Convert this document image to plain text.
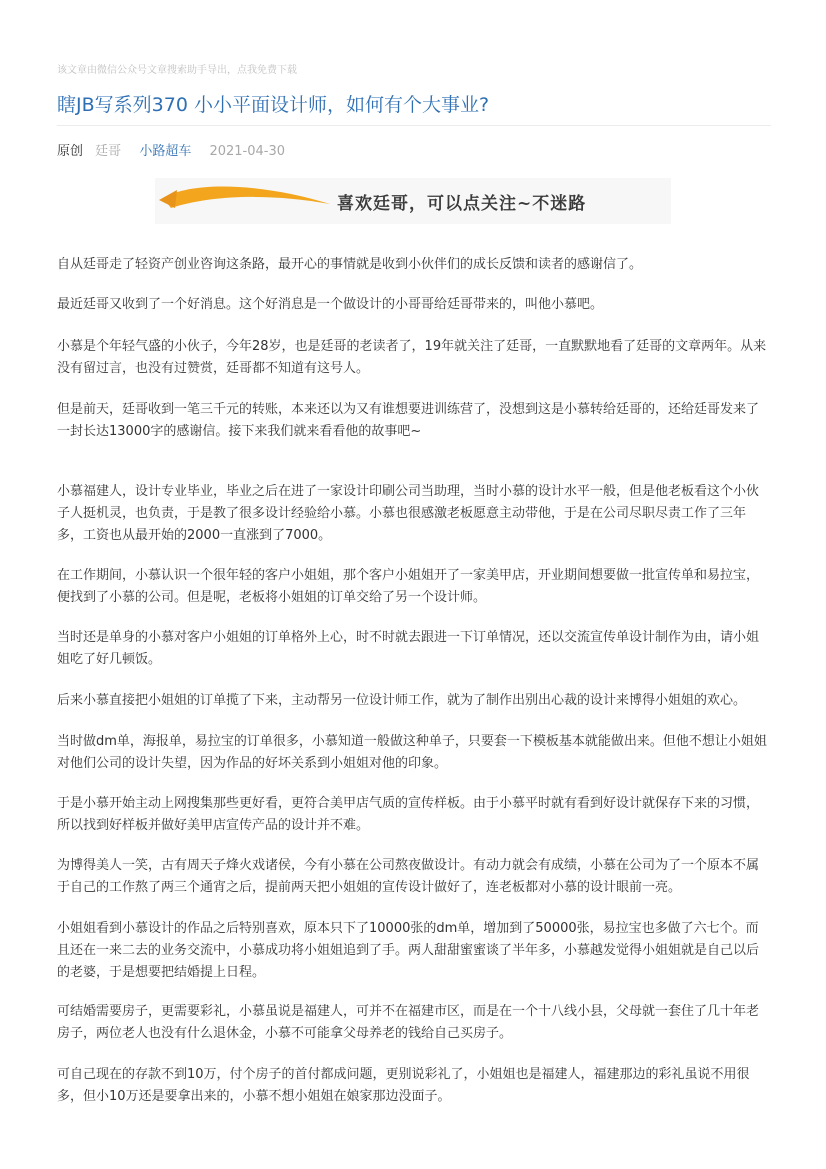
该文章由微信公众号文章搜索助手导出，点我免费下载
瞎JB写系列370 小小平面设计师，如何有个大事业?
原创 廷哥 小路超车 2021-04-30
喜欢廷哥，可以点关注~不迷路

自从廷哥走了轻资产创业咨询这条路，最开心的事情就是收到小伙伴们的成长反馈和读者的感谢信了。

最近廷哥又收到了一个好消息。这个好消息是一个做设计的小哥哥给廷哥带来的，叫他小慕吧。

小慕是个年轻气盛的小伙子，今年28岁，也是廷哥的老读者了，19年就关注了廷哥，一直默默地看了廷哥的文章两年。从来没有留过言，也没有过赞赏，廷哥都不知道有这号人。

但是前天，廷哥收到一笔三千元的转账，本来还以为又有谁想要进训练营了，没想到这是小慕转给廷哥的，还给廷哥发来了一封长达13000字的感谢信。接下来我们就来看看他的故事吧~

小慕福建人，设计专业毕业，毕业之后在进了一家设计印刷公司当助理，当时小慕的设计水平一般，但是他老板看这个小伙子人挺机灵，也负责，于是教了很多设计经验给小慕。小慕也很感激老板愿意主动带他，于是在公司尽职尽责工作了三年多，工资也从最开始的2000一直涨到了7000。

在工作期间，小慕认识一个很年轻的客户小姐姐，那个客户小姐姐开了一家美甲店，开业期间想要做一批宣传单和易拉宝，便找到了小慕的公司。但是呢，老板将小姐姐的订单交给了另一个设计师。

当时还是单身的小慕对客户小姐姐的订单格外上心，时不时就去跟进一下订单情况，还以交流宣传单设计制作为由，请小姐姐吃了好几顿饭。

后来小慕直接把小姐姐的订单揽了下来，主动帮另一位设计师工作，就为了制作出别出心裁的设计来博得小姐姐的欢心。

当时做dm单，海报单，易拉宝的订单很多，小慕知道一般做这种单子，只要套一下模板基本就能做出来。但他不想让小姐姐对他们公司的设计失望，因为作品的好坏关系到小姐姐对他的印象。

于是小慕开始主动上网搜集那些更好看，更符合美甲店气质的宣传样板。由于小慕平时就有看到好设计就保存下来的习惯，所以找到好样板并做好美甲店宣传产品的设计并不难。

为博得美人一笑，古有周天子烽火戏诸侯，今有小慕在公司熬夜做设计。有动力就会有成绩，小慕在公司为了一个原本不属于自己的工作熬了两三个通宵之后，提前两天把小姐姐的宣传设计做好了，连老板都对小慕的设计眼前一亮。

小姐姐看到小慕设计的作品之后特别喜欢，原本只下了10000张的dm单，增加到了50000张，易拉宝也多做了六七个。而且还在一来二去的业务交流中，小慕成功将小姐姐追到了手。两人甜甜蜜蜜谈了半年多，小慕越发觉得小姐姐就是自己以后的老婆，于是想要把结婚提上日程。

可结婚需要房子，更需要彩礼，小慕虽说是福建人，可并不在福建市区，而是在一个十八线小县，父母就一套住了几十年老房子，两位老人也没有什么退休金，小慕不可能拿父母养老的钱给自己买房子。

可自己现在的存款不到10万，付个房子的首付都成问题，更别说彩礼了，小姐姐也是福建人，福建那边的彩礼虽说不用很多，但小10万还是要拿出来的，小慕不想小姐姐在娘家那边没面子。
